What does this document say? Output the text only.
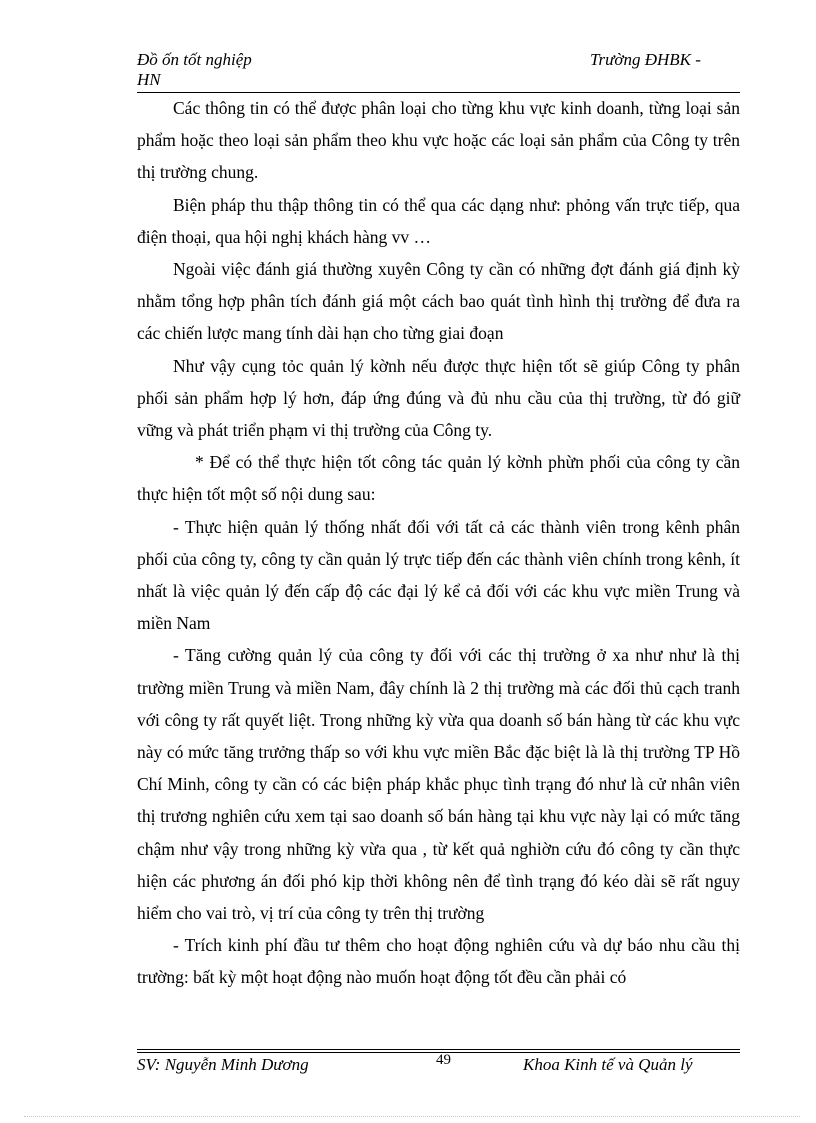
Đồ ốn tốt nghiệp HN
Trường ĐHBK -

Các thông tin có thể được phân loại cho từng khu vực kinh doanh, từng loại sản phẩm hoặc theo loại sản phẩm theo khu vực hoặc các loại sản phẩm của Công ty trên thị trường chung.

Biện pháp thu thập thông tin có thể qua các dạng như: phỏng vấn trực tiếp, qua điện thoại, qua hội nghị khách hàng vv …

Ngoài việc đánh giá thường xuyên Công ty cần có những đợt đánh giá định kỳ nhằm tổng hợp phân tích đánh giá một cách bao quát tình hình thị trường để đưa ra các chiến lược mang tính dài hạn cho từng giai đoạn

Như vậy cụng tỏc quản lý kờnh nếu được thực hiện tốt sẽ giúp Công ty phân phối sản phẩm hợp lý hơn, đáp ứng đúng và đủ nhu cầu của thị trường, từ đó giữ vững và phát triển phạm vi thị trường của Công ty.

* Để có thể thực hiện tốt công tác quản lý kờnh phừn phối của công ty cần thực hiện tốt một số nội dung sau:

- Thực hiện quản lý thống nhất đối với tất cả các thành viên trong kênh phân phối của công ty, công ty cần quản lý trực tiếp đến các thành viên chính trong kênh, ít nhất là việc quản lý đến cấp độ các đại lý kể cả đối với các khu vực miền Trung và miền Nam

- Tăng cường quản lý của công ty đối với các thị trường ở xa như như là thị trường miền Trung và miền Nam, đây chính là 2 thị trường mà các đối thủ cạch tranh với công ty rất quyết liệt. Trong những kỳ vừa qua doanh số bán hàng từ các khu vực này có mức tăng trưởng thấp so với khu vực miền Bắc đặc biệt là là thị trường TP Hồ Chí Minh, công ty cần có các biện pháp khắc phục tình trạng đó như là cử nhân viên thị trương nghiên cứu xem tại sao doanh số bán hàng tại khu vực này lại có mức tăng chậm như vậy trong những kỳ vừa qua , từ kết quả nghiờn cứu đó công ty cần thực hiện các phương án đối phó kịp thời không nên để tình trạng đó kéo dài sẽ rất nguy hiểm cho vai trò, vị trí của công ty trên thị trường

- Trích kinh phí đầu tư thêm cho hoạt động nghiên cứu và dự báo nhu cầu thị trường: bất kỳ một hoạt động nào muốn hoạt động tốt đều cần phải có

SV: Nguyễn Minh Dương	49	Khoa Kinh tế và Quản lý
